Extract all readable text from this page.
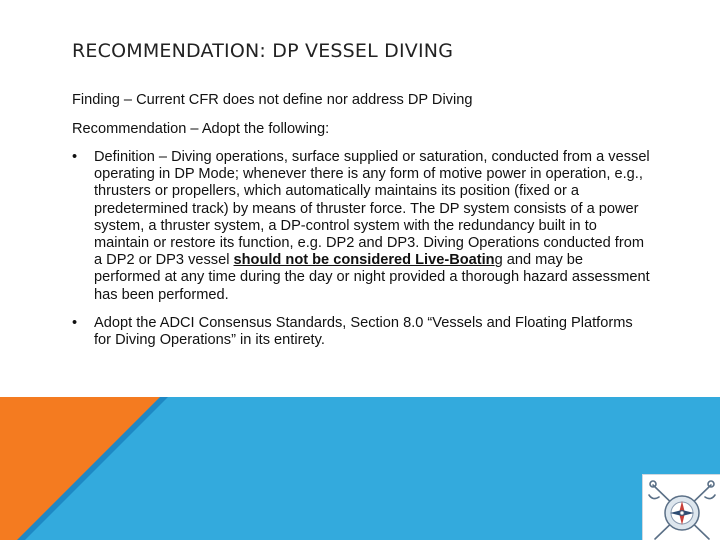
RECOMMENDATION: DP VESSEL DIVING

Finding – Current CFR does not define nor address DP Diving

Recommendation – Adopt the following:

•	Definition – Diving operations, surface supplied or saturation, conducted from a vessel operating in DP Mode; whenever there is any form of motive power in operation, e.g., thrusters or propellers, which automatically maintains its position (fixed or a predetermined track) by means of thruster force. The DP system consists of a power system, a thruster system, a DP-control system with the redundancy built in to maintain or restore its function, e.g. DP2 and DP3. Diving Operations conducted from a DP2 or DP3 vessel should not be considered Live-Boating and may be performed at any time during the day or night provided a thorough hazard assessment has been performed.
•	Adopt the ADCI Consensus Standards, Section 8.0 “Vessels and Floating Platforms for Diving Operations” in its entirety.
